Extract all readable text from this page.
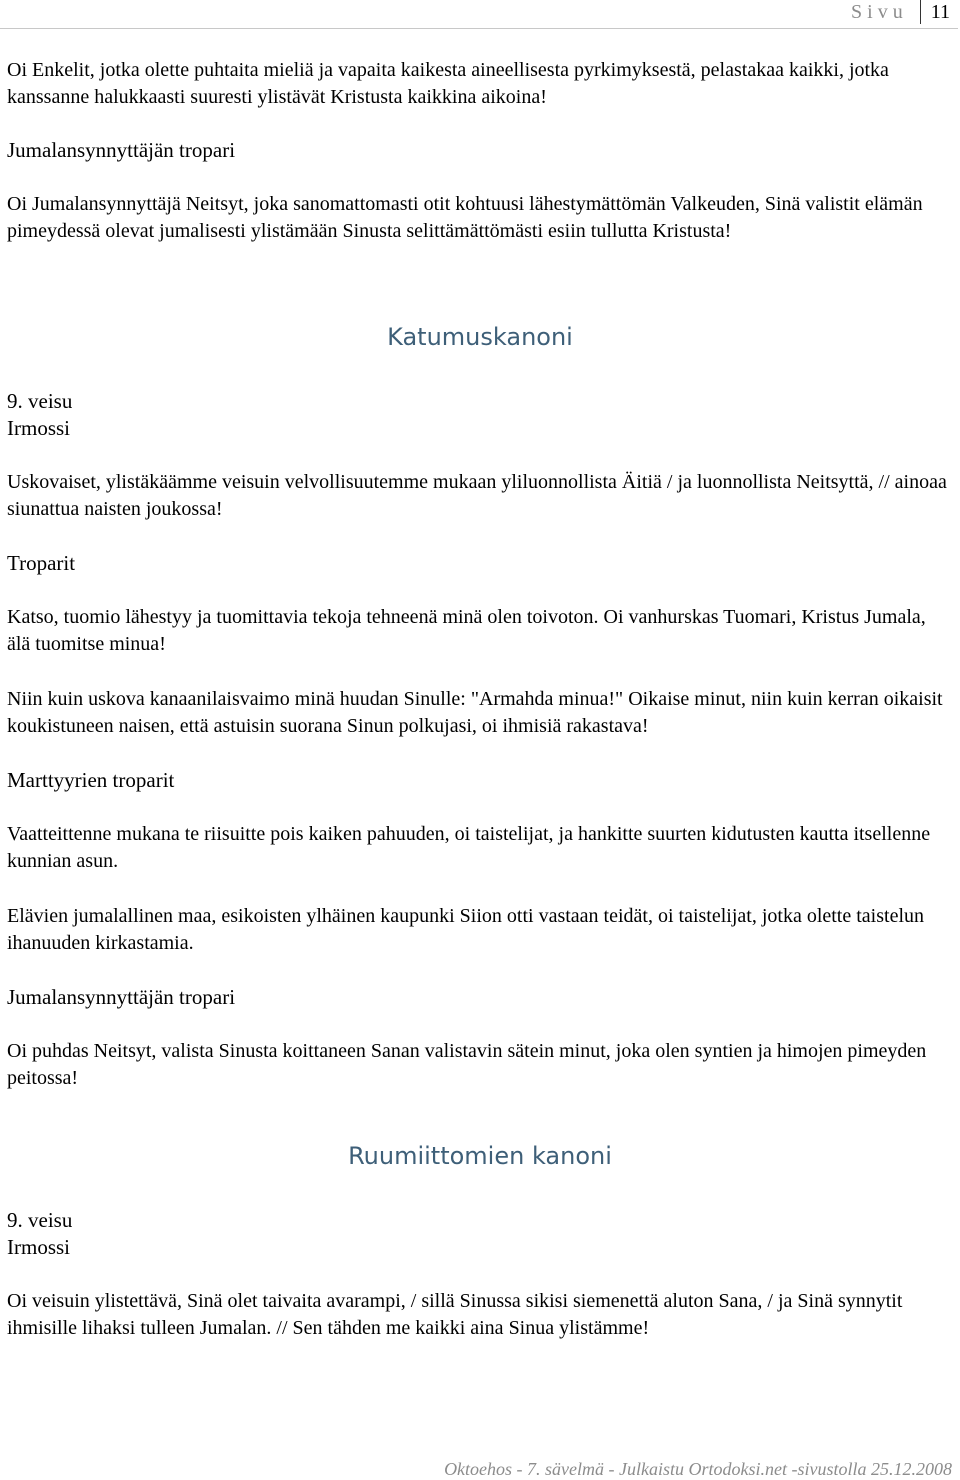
Sivu	11

Oi Enkelit, jotka olette puhtaita mieliä ja vapaita kaikesta aineellisesta pyrkimyksestä, pelastakaa kaikki, jotka kanssanne halukkaasti suuresti ylistävät Kristusta kaikkina aikoina!

Jumalansynnyttäjän tropari

Oi Jumalansynnyttäjä Neitsyt, joka sanomattomasti otit kohtuusi lähestymättömän Valkeuden, Sinä valistit elämän pimeydessä olevat jumalisesti ylistämään Sinusta selittämättömästi esiin tullutta Kristusta!

Katumuskanoni

9. veisu

Irmossi

Uskovaiset, ylistäkäämme veisuin velvollisuutemme mukaan yliluonnollista Äitiä / ja luonnollista Neitsyttä, // ainoaa siunattua naisten joukossa!

Troparit

Katso, tuomio lähestyy ja tuomittavia tekoja tehneenä minä olen toivoton. Oi vanhurskas Tuomari, Kristus Jumala, älä tuomitse minua!

Niin kuin uskova kanaanilaisvaimo minä huudan Sinulle: "Armahda minua!" Oikaise minut, niin kuin kerran oikaisit koukistuneen naisen, että astuisin suorana Sinun polkujasi, oi ihmisiä rakastava!

Marttyyrien troparit

Vaatteittenne mukana te riisuitte pois kaiken pahuuden, oi taistelijat, ja hankitte suurten kidutusten kautta itsellenne kunnian asun.

Elävien jumalallinen maa, esikoisten ylhäinen kaupunki Siion otti vastaan teidät, oi taistelijat, jotka olette taistelun ihanuuden kirkastamia.

Jumalansynnyttäjän tropari

Oi puhdas Neitsyt, valista Sinusta koittaneen Sanan valistavin sätein minut, joka olen syntien ja himojen pimeyden peitossa!

Ruumiittomien kanoni

9. veisu

Irmossi

Oi veisuin ylistettävä, Sinä olet taivaita avarampi, / sillä Sinussa sikisi siemenettä aluton Sana, / ja Sinä synnytit ihmisille lihaksi tulleen Jumalan. // Sen tähden me kaikki aina Sinua ylistämme!

Oktoehos - 7. sävelmä - Julkaistu Ortodoksi.net -sivustolla 25.12.2008
